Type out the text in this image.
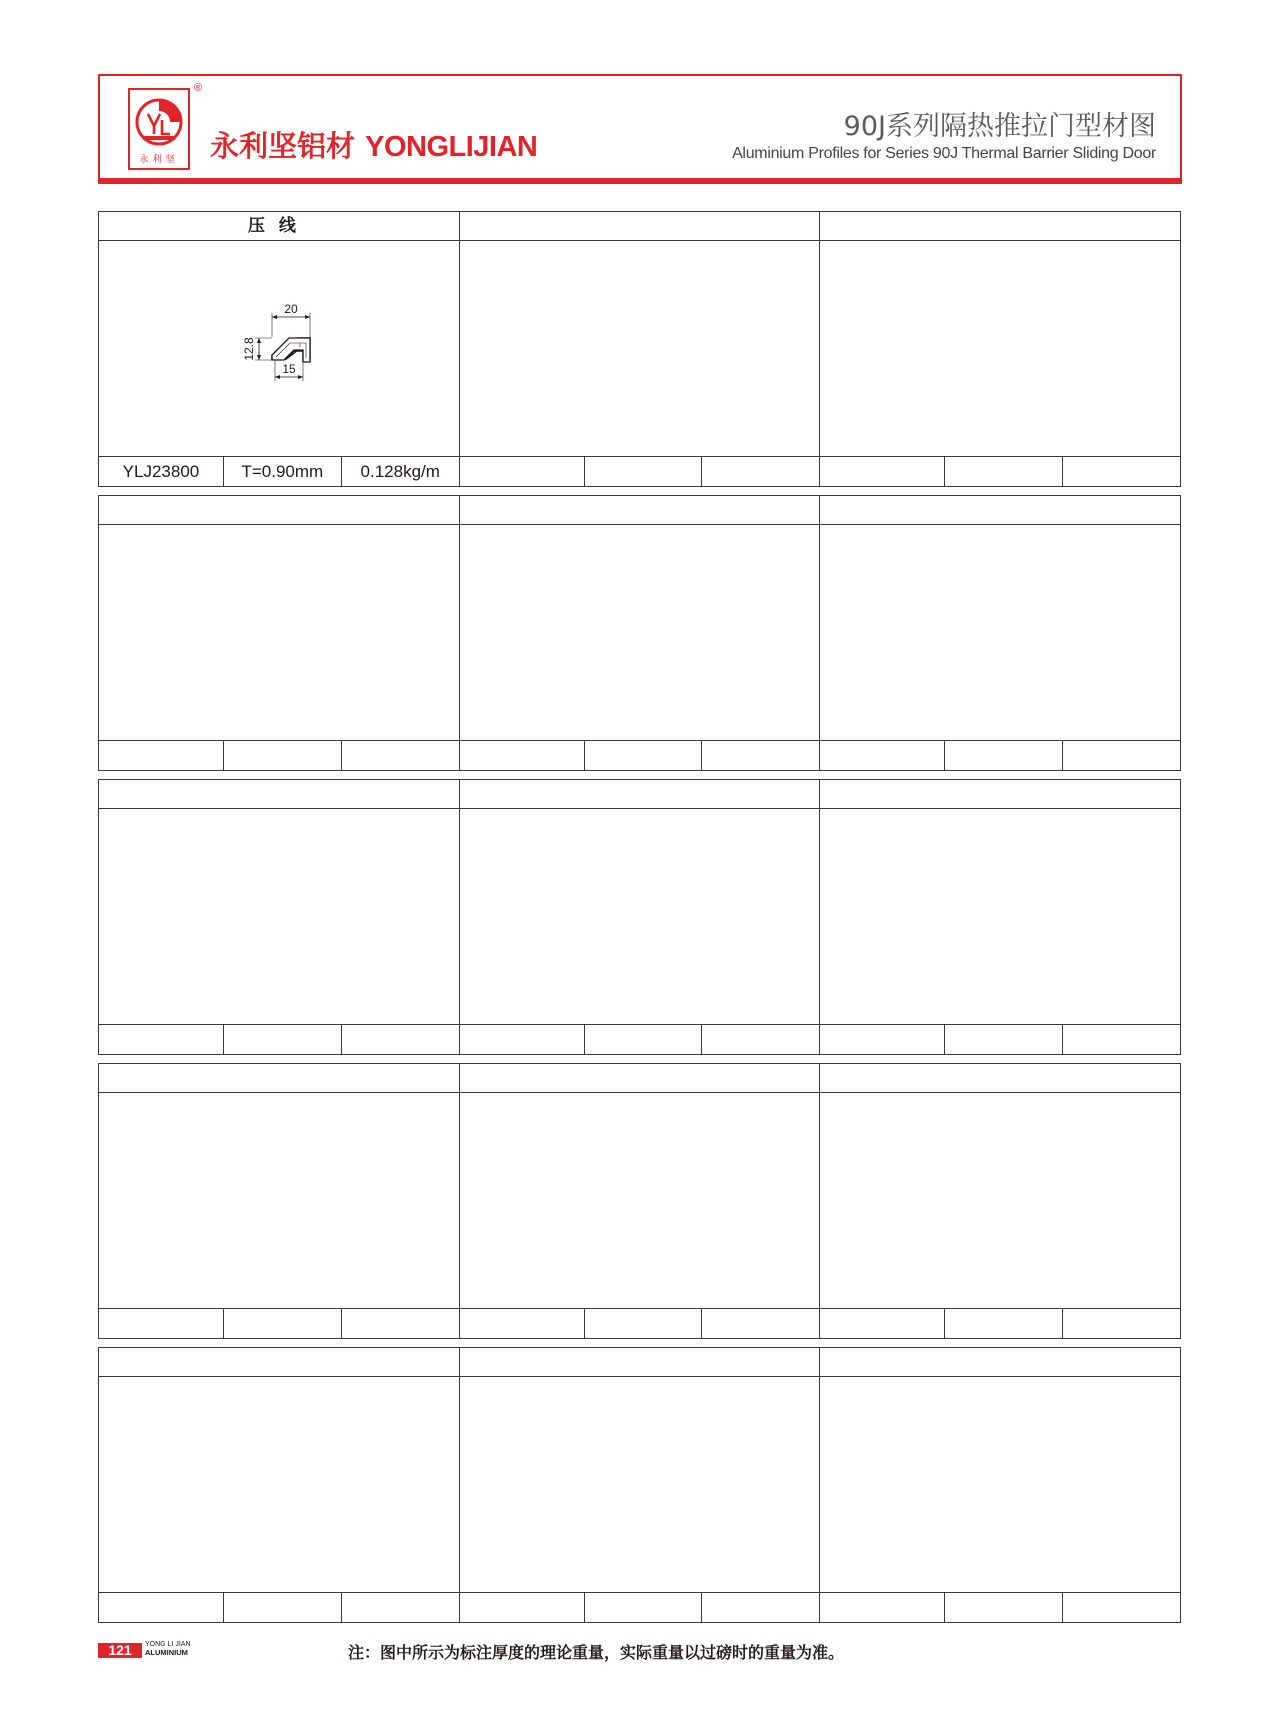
永利坚
®
永利坚铝材 YONGLIJIAN
90J系列隔热推拉门型材图
Aluminium Profiles for Series 90J Thermal Barrier Sliding Door
压线
20
12.8
15
YLJ23800	T=0.90mm	0.128kg/m
121	YONG LI JIAN
ALUMINIUM	注：图中所示为标注厚度的理论重量，实际重量以过磅时的重量为准。
